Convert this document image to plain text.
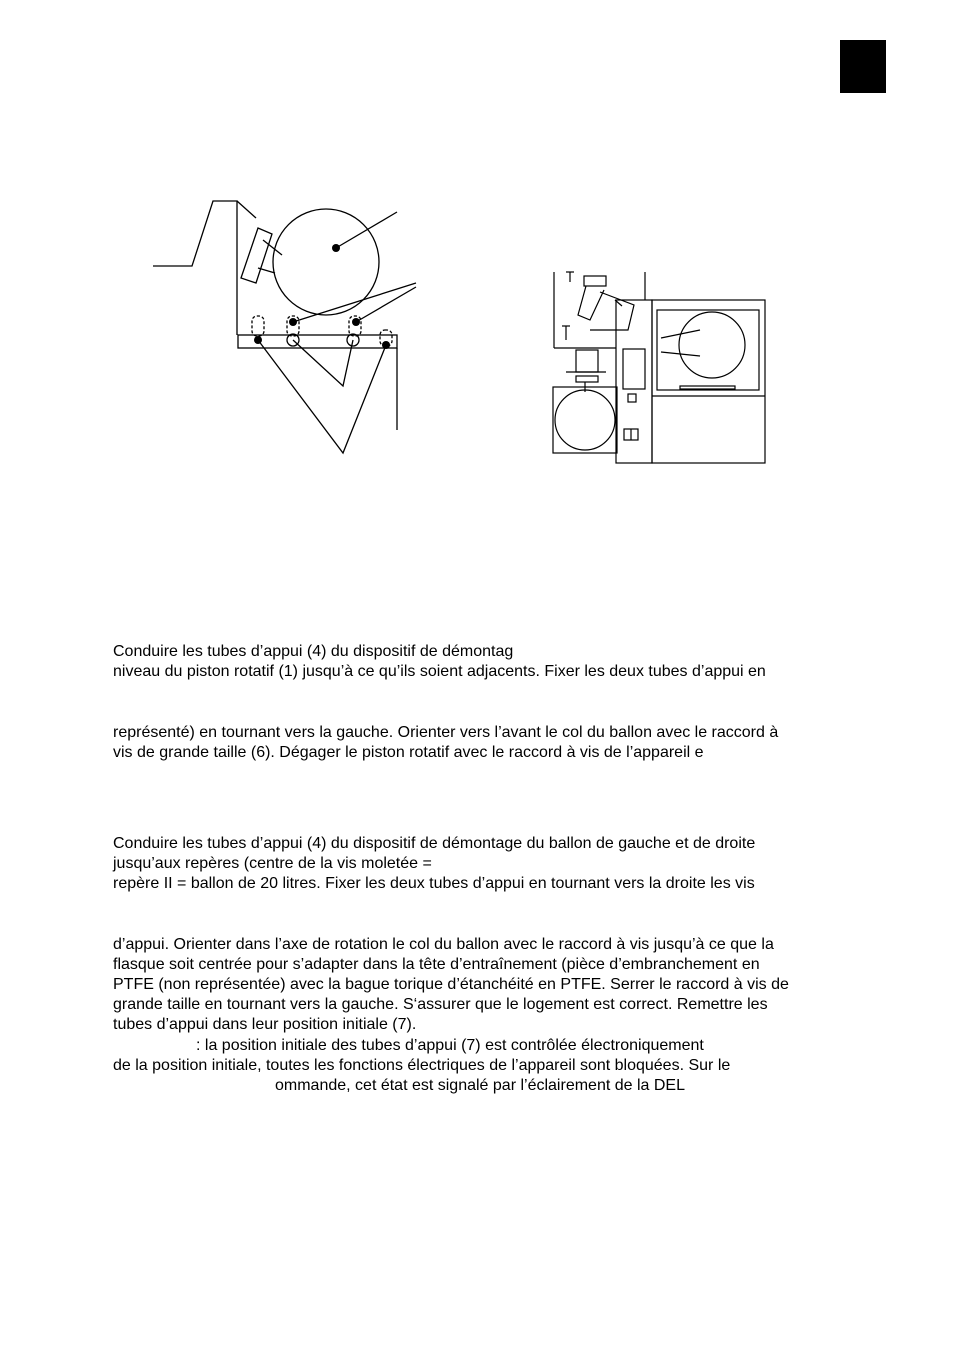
Conduire les tubes d’appui (4) du dispositif de démontag

niveau du piston rotatif (1) jusqu’à ce qu’ils soient adjacents. Fixer les deux tubes d’appui en

représenté) en tournant vers la gauche. Orienter vers l’avant le col du ballon avec le raccord à

vis de grande taille (6). Dégager le piston rotatif avec le raccord à vis de l’appareil e

Conduire les tubes d’appui (4) du dispositif de démontage du ballon de gauche et de droite

jusqu’aux repères (centre de la vis moletée =

repère II = ballon de 20 litres. Fixer les deux tubes d’appui en tournant vers la droite les vis

d’appui. Orienter dans l’axe de rotation le col du ballon avec le raccord à vis jusqu’à ce que la

flasque soit centrée pour s’adapter dans la tête d’entraînement (pièce d’embranchement en

PTFE (non représentée) avec la bague torique d’étanchéité en PTFE. Serrer le raccord à vis de

grande taille en tournant vers la gauche. S‘assurer que le logement est correct. Remettre les

tubes d’appui dans leur position initiale (7).

: la position initiale des tubes d’appui (7) est contrôlée électroniquement

de la position initiale, toutes les fonctions électriques de l’appareil sont bloquées. Sur le

ommande, cet état est signalé par l’éclairement de la DEL
